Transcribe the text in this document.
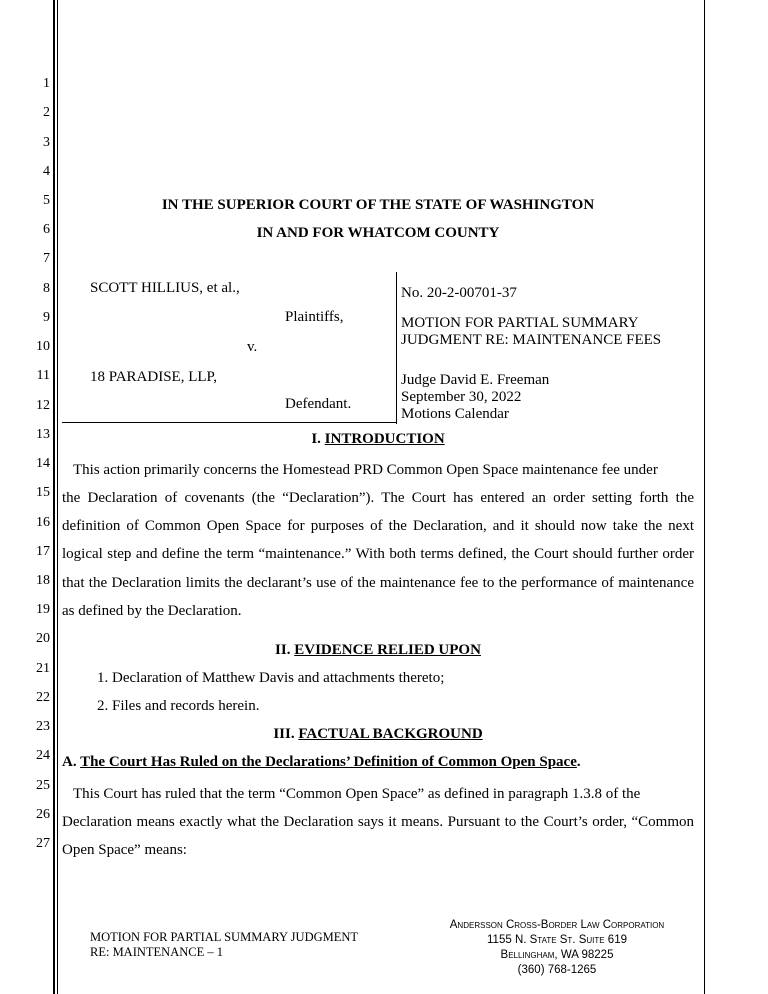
1
2
3
4
5
6
7
8
9
10
11
12
13
14
15
16
17
18
19
20
21
22
23
24
25
26
27
IN THE SUPERIOR COURT OF THE STATE OF WASHINGTON
IN AND FOR WHATCOM COUNTY
SCOTT HILLIUS, et al.,
Plaintiffs,
v.
18 PARADISE, LLP,
Defendant.
No. 20-2-00701-37
MOTION FOR PARTIAL SUMMARY
JUDGMENT RE: MAINTENANCE FEES
Judge David E. Freeman
September 30, 2022
Motions Calendar
I. INTRODUCTION
This action primarily concerns the Homestead PRD Common Open Space maintenance fee under
the Declaration of covenants (the “Declaration”). The Court has entered an order setting forth the definition of Common Open Space for purposes of the Declaration, and it should now take the next logical step and define the term “maintenance.” With both terms defined, the Court should further order that the Declaration limits the declarant’s use of the maintenance fee to the performance of maintenance as defined by the Declaration.
II. EVIDENCE RELIED UPON
1. Declaration of Matthew Davis and attachments thereto;
2. Files and records herein.
III. FACTUAL BACKGROUND
A. The Court Has Ruled on the Declarations’ Definition of Common Open Space.
This Court has ruled that the term “Common Open Space” as defined in paragraph 1.3.8 of the
Declaration means exactly what the Declaration says it means. Pursuant to the Court’s order, “Common Open Space” means:
MOTION FOR PARTIAL SUMMARY JUDGMENT
RE: MAINTENANCE – 1
Andersson Cross-Border Law Corporation
1155 N. State St. Suite 619
Bellingham, WA 98225
(360) 768-1265
